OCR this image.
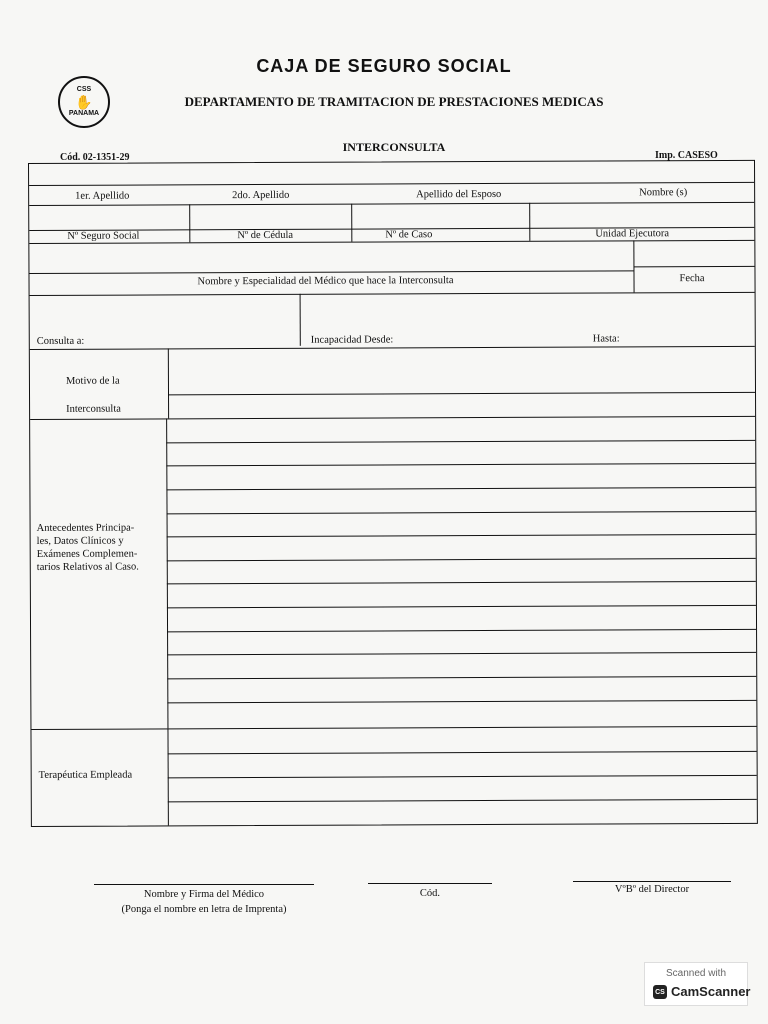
CSS
✋
PANAMA
CAJA DE SEGURO SOCIAL
DEPARTAMENTO DE TRAMITACION DE PRESTACIONES MEDICAS
INTERCONSULTA
Cód. 02-1351-29	Imp. CASESO
1er. Apellido	2do. Apellido	Apellido del Esposo	Nombre (s)
Nº Seguro Social	Nº de Cédula	Nº de Caso	Unidad Ejecutora
Nombre y Especialidad del Médico que hace la Interconsulta	Fecha
Consulta a:	Incapacidad Desde:	Hasta:
Motivo de la
Interconsulta
Antecedentes Principa-
les, Datos Clínicos y
Exámenes Complemen-
tarios Relativos al Caso.
Terapéutica Empleada
Nombre y Firma del Médico
(Ponga el nombre en letra de Imprenta)
Cód.	VºBº del Director
Scanned with
CS CamScanner
